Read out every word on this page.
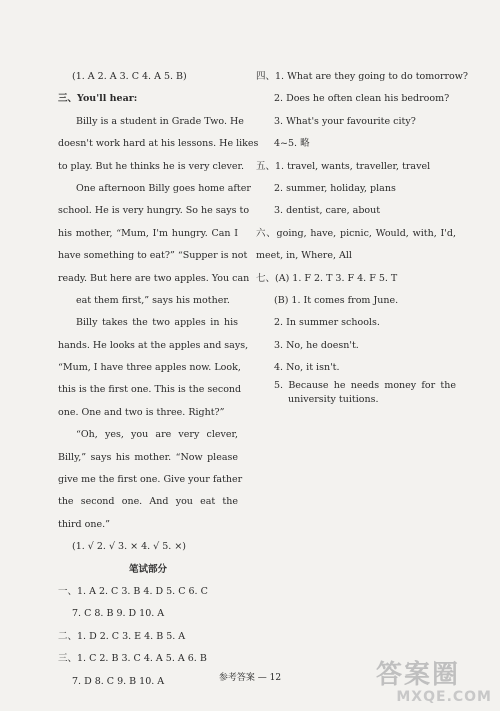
(1. A 2. A 3. C 4. A 5. B)
三、You'll hear:
Billy is a student in Grade Two. He
doesn't work hard at his lessons. He likes
to play. But he thinks he is very clever.
One afternoon Billy goes home after
school. He is very hungry. So he says to
his mother, “Mum, I'm hungry. Can I
have something to eat?” “Supper is not
ready. But here are two apples. You can
eat them first,” says his mother.
Billy takes the two apples in his
hands. He looks at the apples and says,
“Mum, I have three apples now. Look,
this is the first one. This is the second
one. One and two is three. Right?”
“Oh, yes, you are very clever,
Billy,” says his mother. “Now please
give me the first one. Give your father
the second one. And you eat the
third one.”
(1. √ 2. √ 3. × 4. √ 5. ×)
笔试部分
一、1. A 2. C 3. B 4. D 5. C 6. C
7. C 8. B 9. D 10. A
二、1. D 2. C 3. E 4. B 5. A
三、1. C 2. B 3. C 4. A 5. A 6. B
7. D 8. C 9. B 10. A
四、1. What are they going to do tomorrow?
2. Does he often clean his bedroom?
3. What's your favourite city?
4~5. 略
五、1. travel, wants, traveller, travel
2. summer, holiday, plans
3. dentist, care, about
六、going, have, picnic, Would, with, I'd,
meet, in, Where, All
七、(A) 1. F 2. T 3. F 4. F 5. T
(B) 1. It comes from June.
2. In summer schools.
3. No, he doesn't.
4. No, it isn't.
5. Because he needs money for the
university tuitions.
参考答案 — 12	答案圈
MXQE.COM
